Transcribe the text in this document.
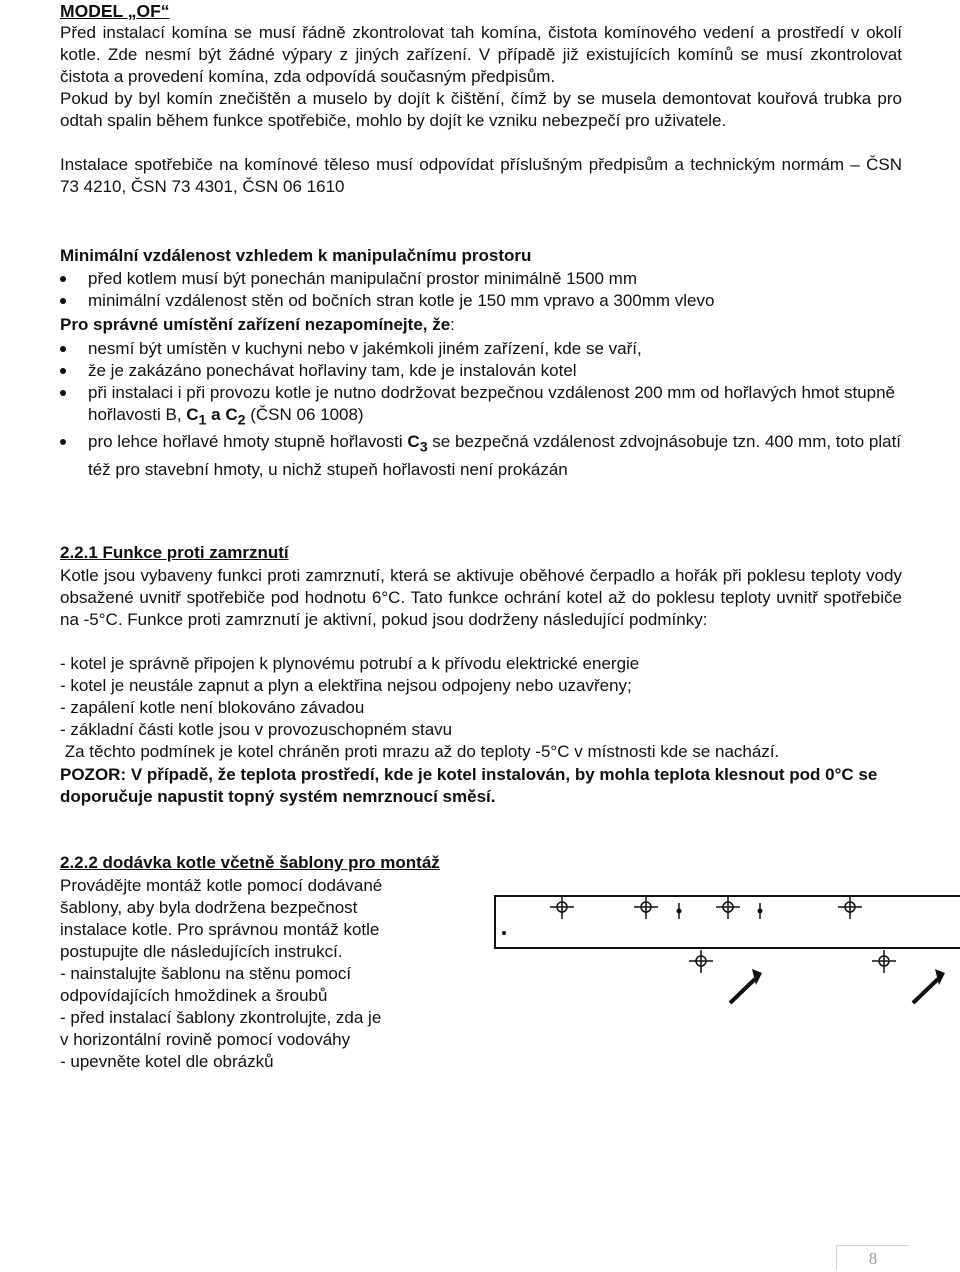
MODEL „OF“
Před instalací komína se musí řádně zkontrolovat tah komína, čistota komínového vedení a prostředí v okolí kotle. Zde nesmí být žádné výpary z jiných zařízení. V případě již existujících komínů se musí zkontrolovat čistota a provedení komína, zda odpovídá současným předpisům.
Pokud by byl komín znečištěn a muselo by dojít k čištění, čímž by se musela demontovat kouřová trubka pro odtah spalin během funkce spotřebiče, mohlo by dojít ke vzniku nebezpečí pro uživatele.
Instalace spotřebiče na komínové těleso musí odpovídat příslušným předpisům a technickým normám – ČSN 73 4210, ČSN 73 4301, ČSN 06 1610
Minimální vzdálenost vzhledem k manipulačnímu prostoru
před kotlem musí být ponechán manipulační prostor minimálně 1500 mm
minimální vzdálenost stěn od bočních stran kotle je 150 mm vpravo a 300mm vlevo
Pro správné umístění zařízení nezapomínejte, že:
nesmí být umístěn v kuchyni nebo v jakémkoli jiném zařízení, kde se vaří,
že je zakázáno ponechávat hořlaviny tam, kde je instalován kotel
při instalaci i při provozu kotle je nutno dodržovat bezpečnou vzdálenost 200 mm od hořlavých hmot stupně hořlavosti B, $C_1$ a $C_2$ (ČSN 06 1008)
pro lehce hořlavé hmoty stupně hořlavosti $C_3$ se bezpečná vzdálenost zdvojnásobuje tzn. 400 mm, toto platí též pro stavební hmoty, u nichž stupeň hořlavosti není prokázán
2.2.1 Funkce proti zamrznutí
Kotle jsou vybaveny funkci proti zamrznutí, která se aktivuje oběhové čerpadlo a hořák při poklesu teploty vody obsažené uvnitř spotřebiče pod hodnotu 6°C. Tato funkce ochrání kotel až do poklesu teploty uvnitř spotřebiče na -5°C. Funkce proti zamrznutí je aktivní, pokud jsou dodrženy následující podmínky:
- kotel je správně připojen k plynovému potrubí a k přívodu elektrické energie
- kotel je neustále zapnut a plyn a elektřina nejsou odpojeny nebo uzavřeny;
- zapálení kotle není blokováno závadou
- základní části kotle jsou v provozuschopném stavu
Za těchto podmínek je kotel chráněn proti mrazu až do teploty -5°C v místnosti kde se nachází.
POZOR: V případě, že teplota prostředí, kde je kotel instalován, by mohla teplota klesnout pod 0°C se doporučuje napustit topný systém nemrznoucí směsí.
2.2.2 dodávka kotle včetně šablony pro montáž
Provádějte montáž kotle pomocí dodávané
šablony, aby byla dodržena bezpečnost
instalace kotle. Pro správnou montáž kotle
postupujte dle následujících instrukcí.
- nainstalujte šablonu na stěnu pomocí
odpovídajících hmoždinek a šroubů
- před instalací šablony zkontrolujte, zda je
v horizontální rovině pomocí vodováhy
- upevněte kotel dle obrázků
8
